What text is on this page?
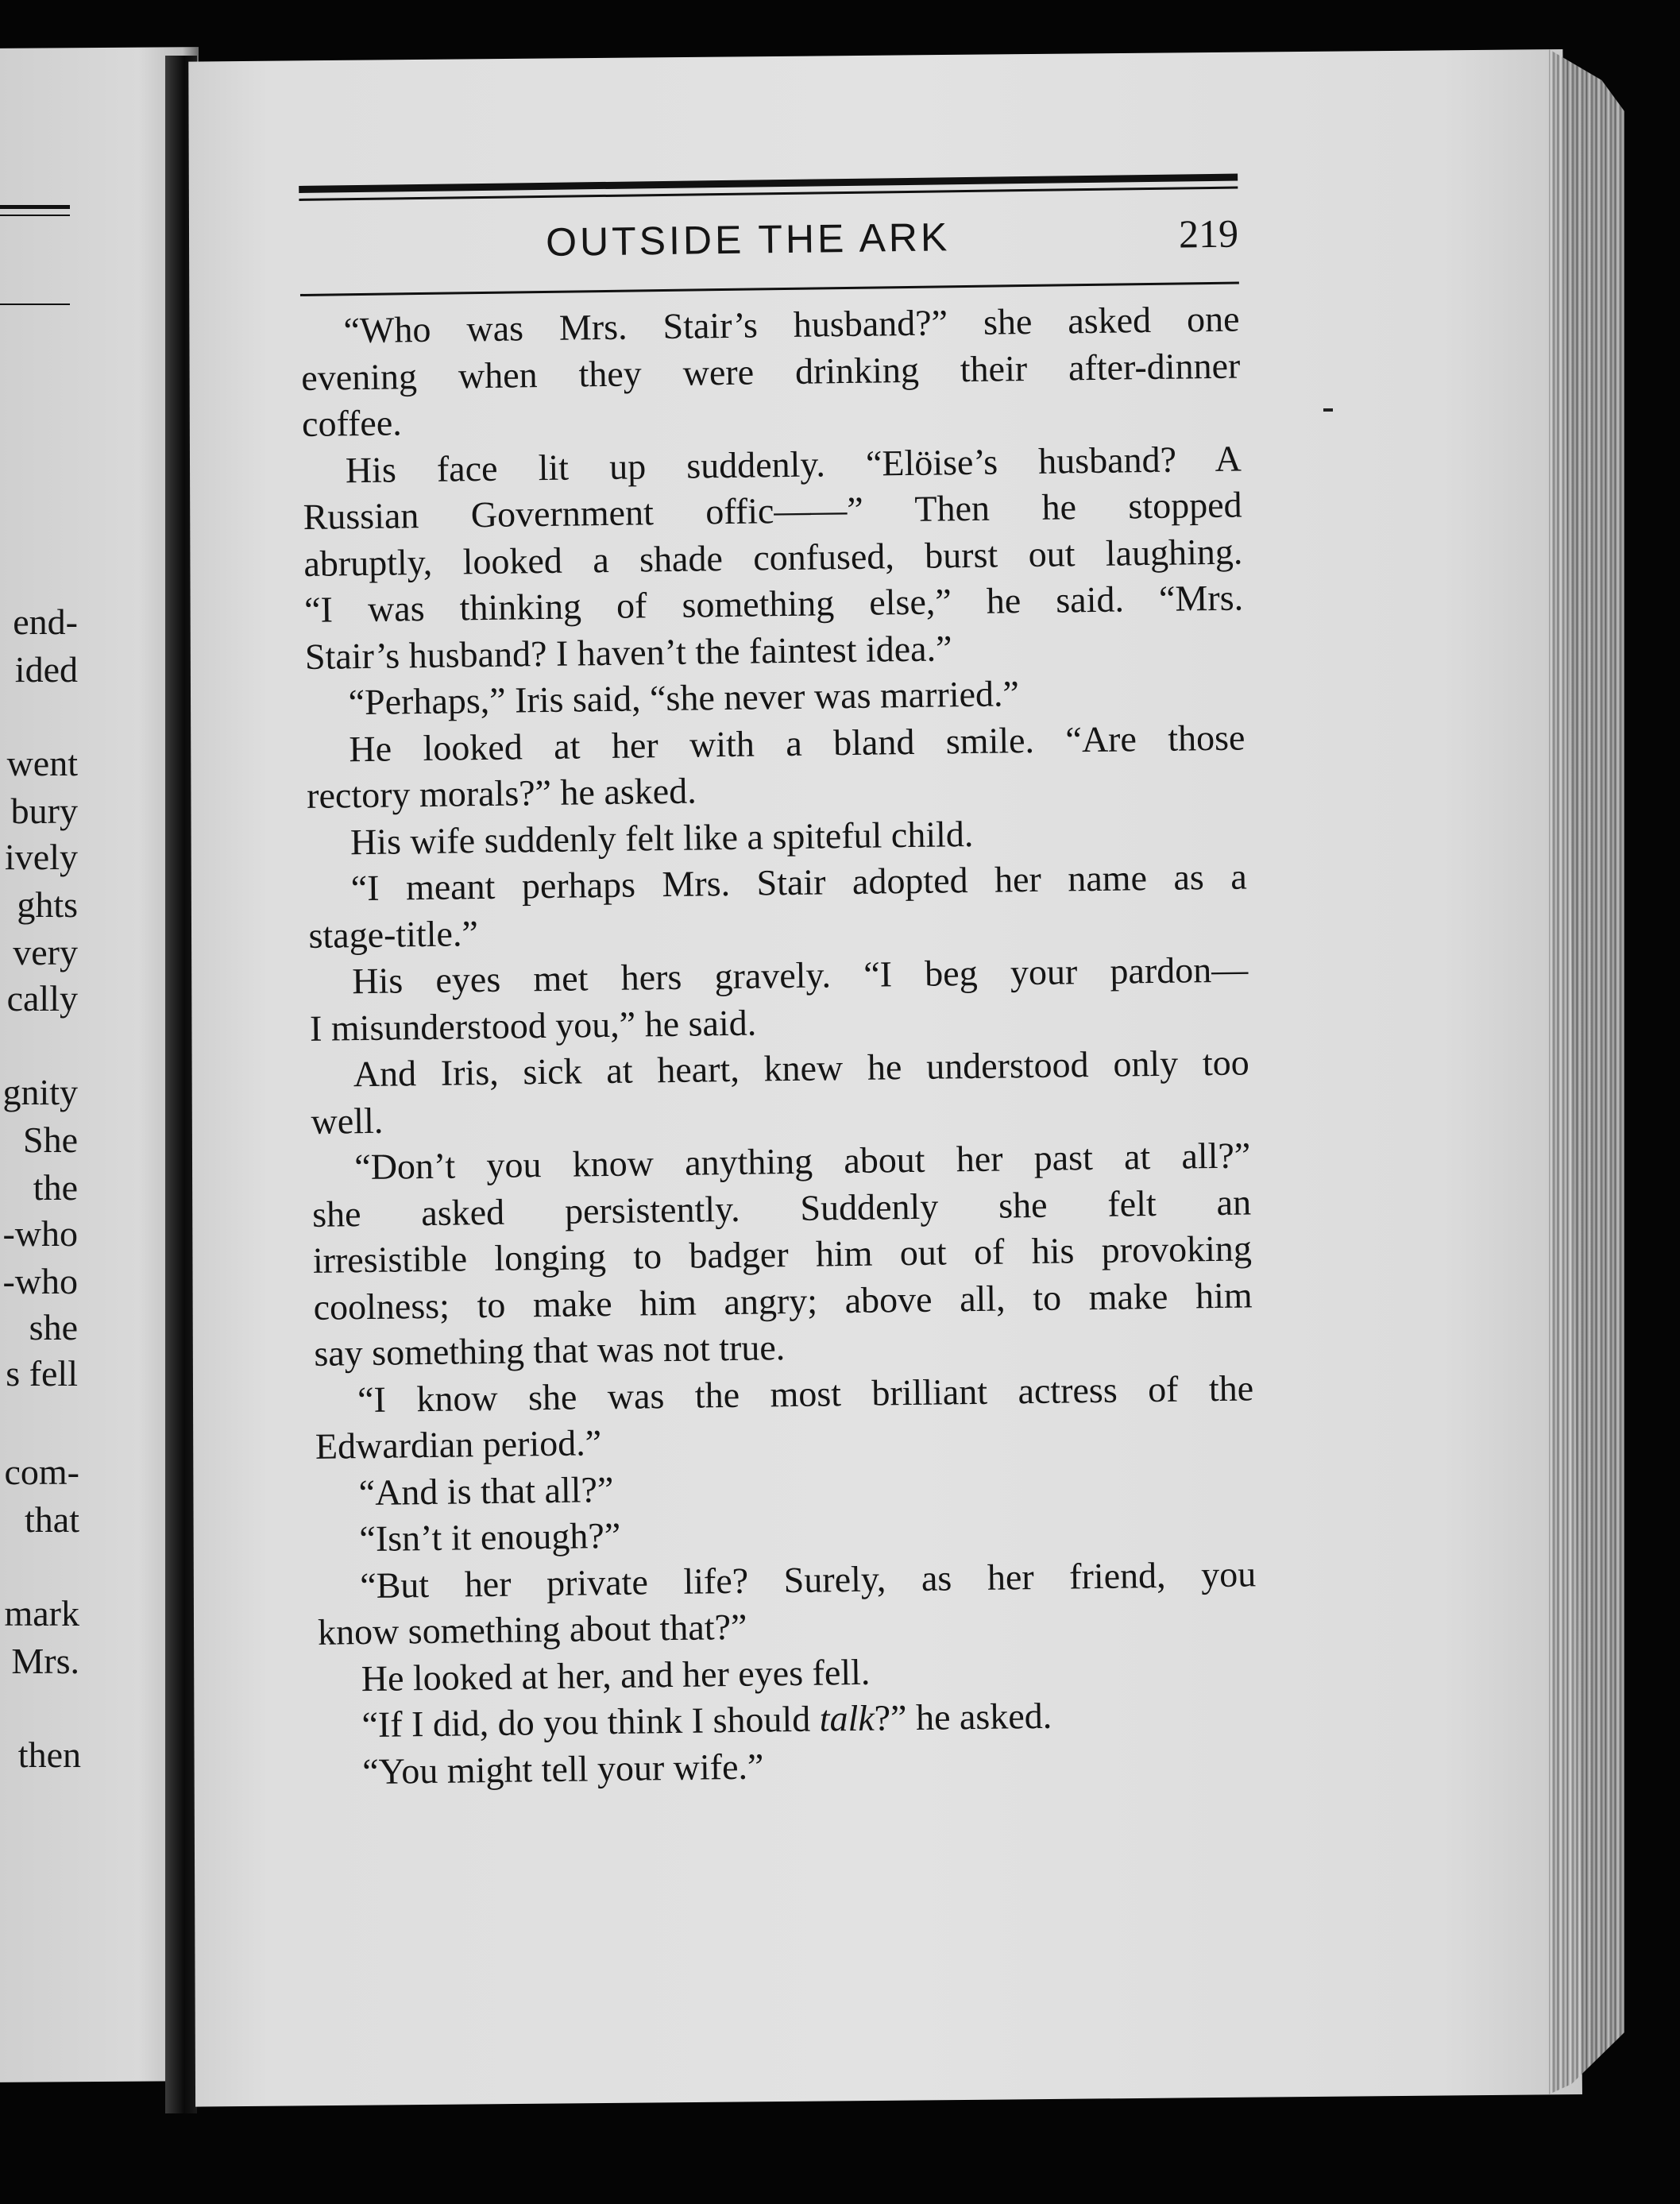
end-
ided
went
bury
ively
ghts
very
cally
gnity
She
the
-who
-who
she
s fell
com-
that
mark
Mrs.
then
OUTSIDE THE ARK	219
“Who was Mrs. Stair’s husband?” she asked one
evening when they were drinking their after-dinner
coffee.
His face lit up suddenly. “Elöise’s husband? A
Russian Government offic——” Then he stopped
abruptly, looked a shade confused, burst out laughing.
“I was thinking of something else,” he said. “Mrs.
Stair’s husband? I haven’t the faintest idea.”
“Perhaps,” Iris said, “she never was married.”
He looked at her with a bland smile. “Are those
rectory morals?” he asked.
His wife suddenly felt like a spiteful child.
“I meant perhaps Mrs. Stair adopted her name as a
stage-title.”
His eyes met hers gravely. “I beg your pardon—
I misunderstood you,” he said.
And Iris, sick at heart, knew he understood only too
well.
“Don’t you know anything about her past at all?”
she asked persistently. Suddenly she felt an
irresistible longing to badger him out of his provoking
coolness; to make him angry; above all, to make him
say something that was not true.
“I know she was the most brilliant actress of the
Edwardian period.”
“And is that all?”
“Isn’t it enough?”
“But her private life? Surely, as her friend, you
know something about that?”
He looked at her, and her eyes fell.
“If I did, do you think I should talk?” he asked.
“You might tell your wife.”
